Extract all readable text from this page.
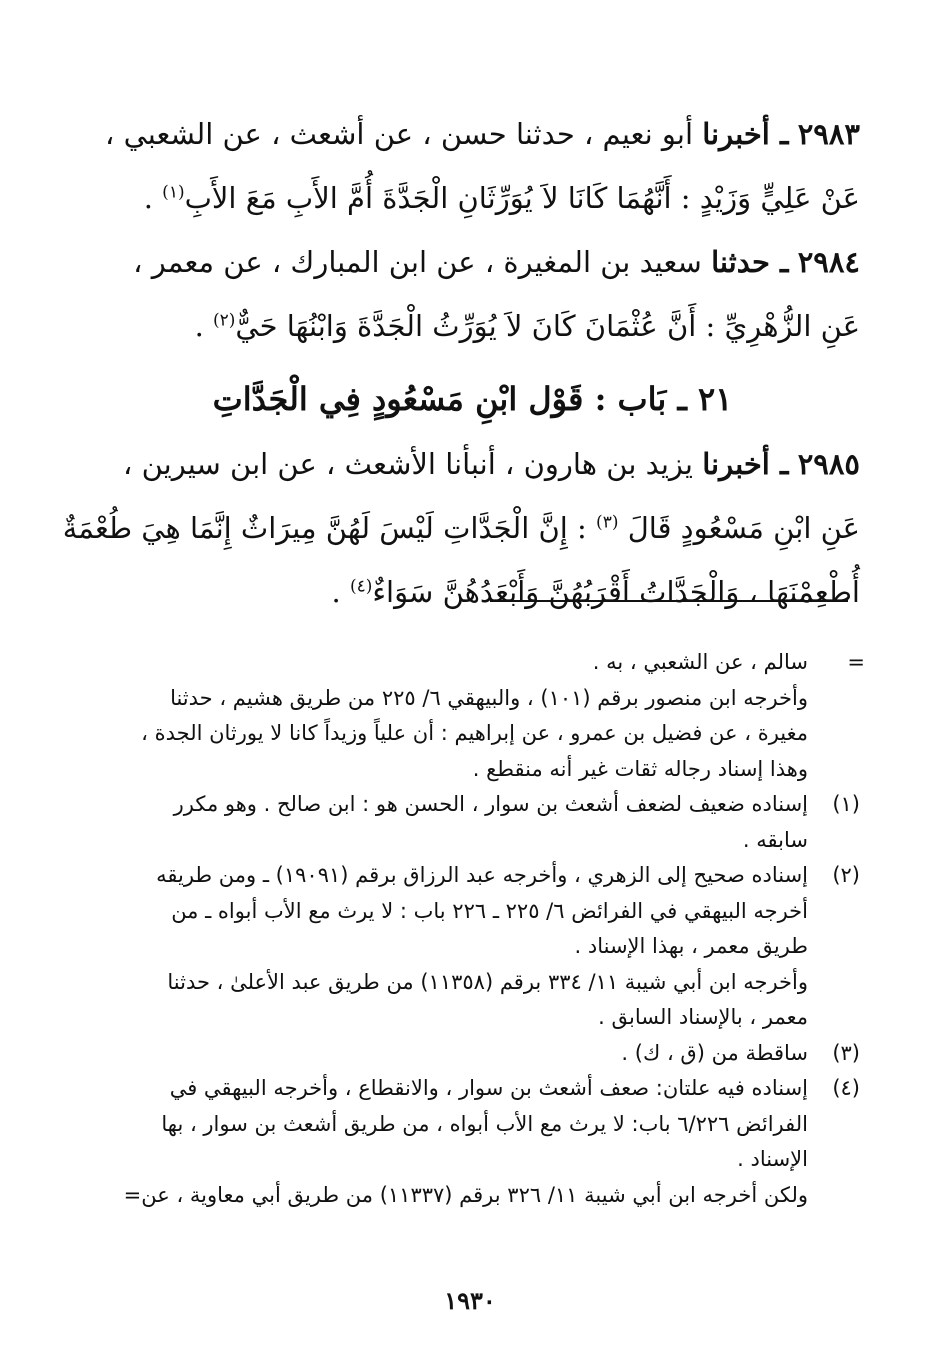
٢٩٨٣ ـ أخبرنا أبو نعيم ، حدثنا حسن ، عن أشعث ، عن الشعبي ،
عَنْ عَلِيٍّ وَزَيْدٍ : أَنَّهُمَا كَانَا لاَ يُوَرِّثَانِ الْجَدَّةَ أُمَّ الأَبِ مَعَ الأَبِ$^{(١)}$ .
٢٩٨٤ ـ حدثنا سعيد بن المغيرة ، عن ابن المبارك ، عن معمر ،
عَنِ الزُّهْرِيِّ : أَنَّ عُثْمَانَ كَانَ لاَ يُوَرِّثُ الْجَدَّةَ وَابْنُهَا حَيٌّ$^{(٢)}$ .
٢١ ـ بَاب : قَوْل ابْنِ مَسْعُودٍ فِي الْجَدَّاتِ
٢٩٨٥ ـ أخبرنا يزيد بن هارون ، أنبأنا الأشعث ، عن ابن سيرين ،
عَنِ ابْنِ مَسْعُودٍ قَالَ $^{(٣)}$ : إِنَّ الْجَدَّاتِ لَيْسَ لَهُنَّ مِيرَاثٌ إِنَّمَا هِيَ طُعْمَةٌ
أُطْعِمْنَهَا ، وَالْجَدَّاتُ أَقْرَبُهُنَّ وَأَبْعَدُهُنَّ سَوَاءٌ$^{(٤)}$ .
=
سالم ، عن الشعبي ، به .
وأخرجه ابن منصور برقم (١٠١) ، والبيهقي ٦/ ٢٢٥ من طريق هشيم ، حدثنا
مغيرة ، عن فضيل بن عمرو ، عن إبراهيم : أن علياً وزيداً كانا لا يورثان الجدة ،
وهذا إسناد رجاله ثقات غير أنه منقطع .
(١)إسناده ضعيف لضعف أشعث بن سوار ، الحسن هو : ابن صالح . وهو مكرر
سابقه .
(٢)إسناده صحيح إلى الزهري ، وأخرجه عبد الرزاق برقم (١٩٠٩١) ـ ومن طريقه
أخرجه البيهقي في الفرائض ٦/ ٢٢٥ ـ ٢٢٦ باب : لا يرث مع الأب أبواه ـ من
طريق معمر ، بهذا الإسناد .
وأخرجه ابن أبي شيبة ١١/ ٣٣٤ برقم (١١٣٥٨) من طريق عبد الأعلىٰ ، حدثنا
معمر ، بالإسناد السابق .
(٣)ساقطة من (ق ، ك) .
(٤)إسناده فيه علتان: صعف أشعث بن سوار ، والانقطاع ، وأخرجه البيهقي في
الفرائض ٦/٢٢٦ باب: لا يرث مع الأب أبواه ، من طريق أشعث بن سوار ، بها
الإسناد .
ولكن أخرجه ابن أبي شيبة ١١/ ٣٢٦ برقم (١١٣٣٧) من طريق أبي معاوية ، عن=
١٩٣٠
